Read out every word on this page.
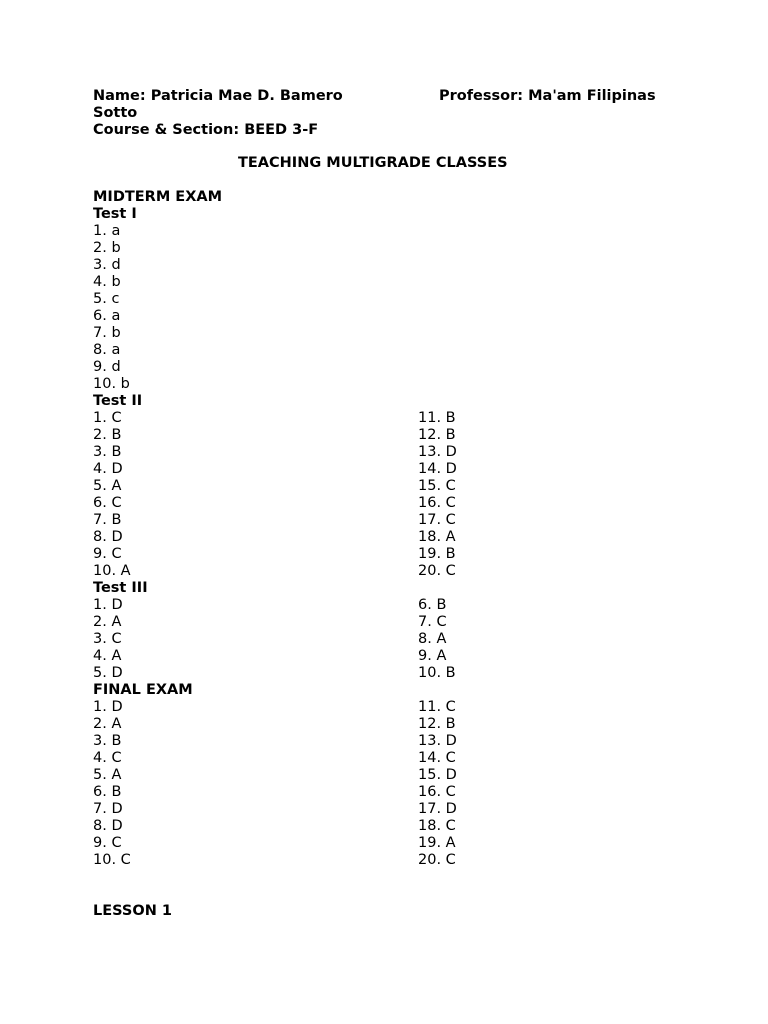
Name: Patricia Mae D. Bamero	Professor: Ma'am Filipinas
Sotto
Course & Section: BEED 3-F
TEACHING MULTIGRADE CLASSES
MIDTERM EXAM
Test I
1. a
2. b
3. d
4. b
5. c
6. a
7. b
8. a
9. d
10. b
Test II
1. C
2. B
3. B
4. D
5. A
6. C
7. B
8. D
9. C
10. A
11. B
12. B
13. D
14. D
15. C
16. C
17. C
18. A
19. B
20. C
Test III
1. D
2. A
3. C
4. A
5. D
6. B
7. C
8. A
9. A
10. B
FINAL EXAM
1. D
2. A
3. B
4. C
5. A
6. B
7. D
8. D
9. C
10. C
11. C
12. B
13. D
14. C
15. D
16. C
17. D
18. C
19. A
20. C
LESSON 1
